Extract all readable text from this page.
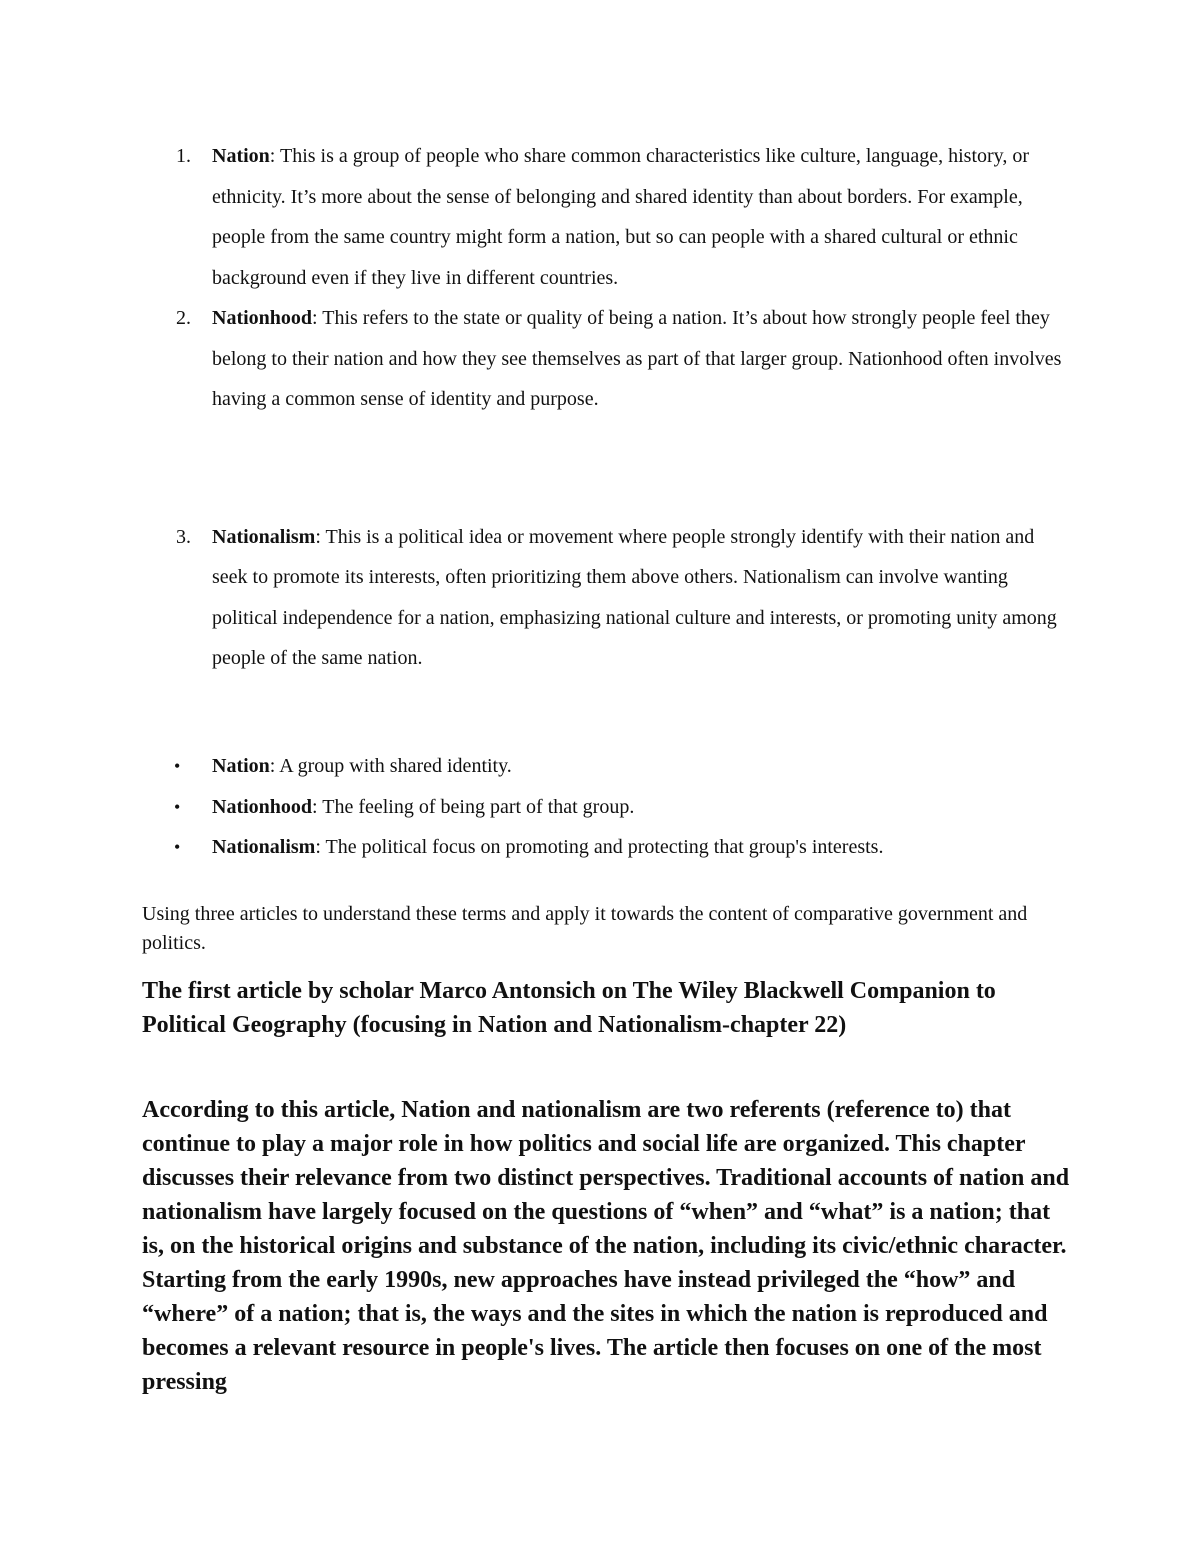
1. Nation: This is a group of people who share common characteristics like culture, language, history, or ethnicity. It’s more about the sense of belonging and shared identity than about borders. For example, people from the same country might form a nation, but so can people with a shared cultural or ethnic background even if they live in different countries.
2. Nationhood: This refers to the state or quality of being a nation. It’s about how strongly people feel they belong to their nation and how they see themselves as part of that larger group. Nationhood often involves having a common sense of identity and purpose.
3. Nationalism: This is a political idea or movement where people strongly identify with their nation and seek to promote its interests, often prioritizing them above others. Nationalism can involve wanting political independence for a nation, emphasizing national culture and interests, or promoting unity among people of the same nation.
• Nation: A group with shared identity.
• Nationhood: The feeling of being part of that group.
• Nationalism: The political focus on promoting and protecting that group's interests.

Using three articles to understand these terms and apply it towards the content of comparative government and politics.

The first article by scholar Marco Antonsich on The Wiley Blackwell Companion to Political Geography (focusing in Nation and Nationalism-chapter 22)

According to this article, Nation and nationalism are two referents (reference to) that continue to play a major role in how politics and social life are organized. This chapter discusses their relevance from two distinct perspectives. Traditional accounts of nation and nationalism have largely focused on the questions of “when” and “what” is a nation; that is, on the historical origins and substance of the nation, including its civic/ethnic character. Starting from the early 1990s, new approaches have instead privileged the “how” and “where” of a nation; that is, the ways and the sites in which the nation is reproduced and becomes a relevant resource in people's lives. The article then focuses on one of the most pressing
